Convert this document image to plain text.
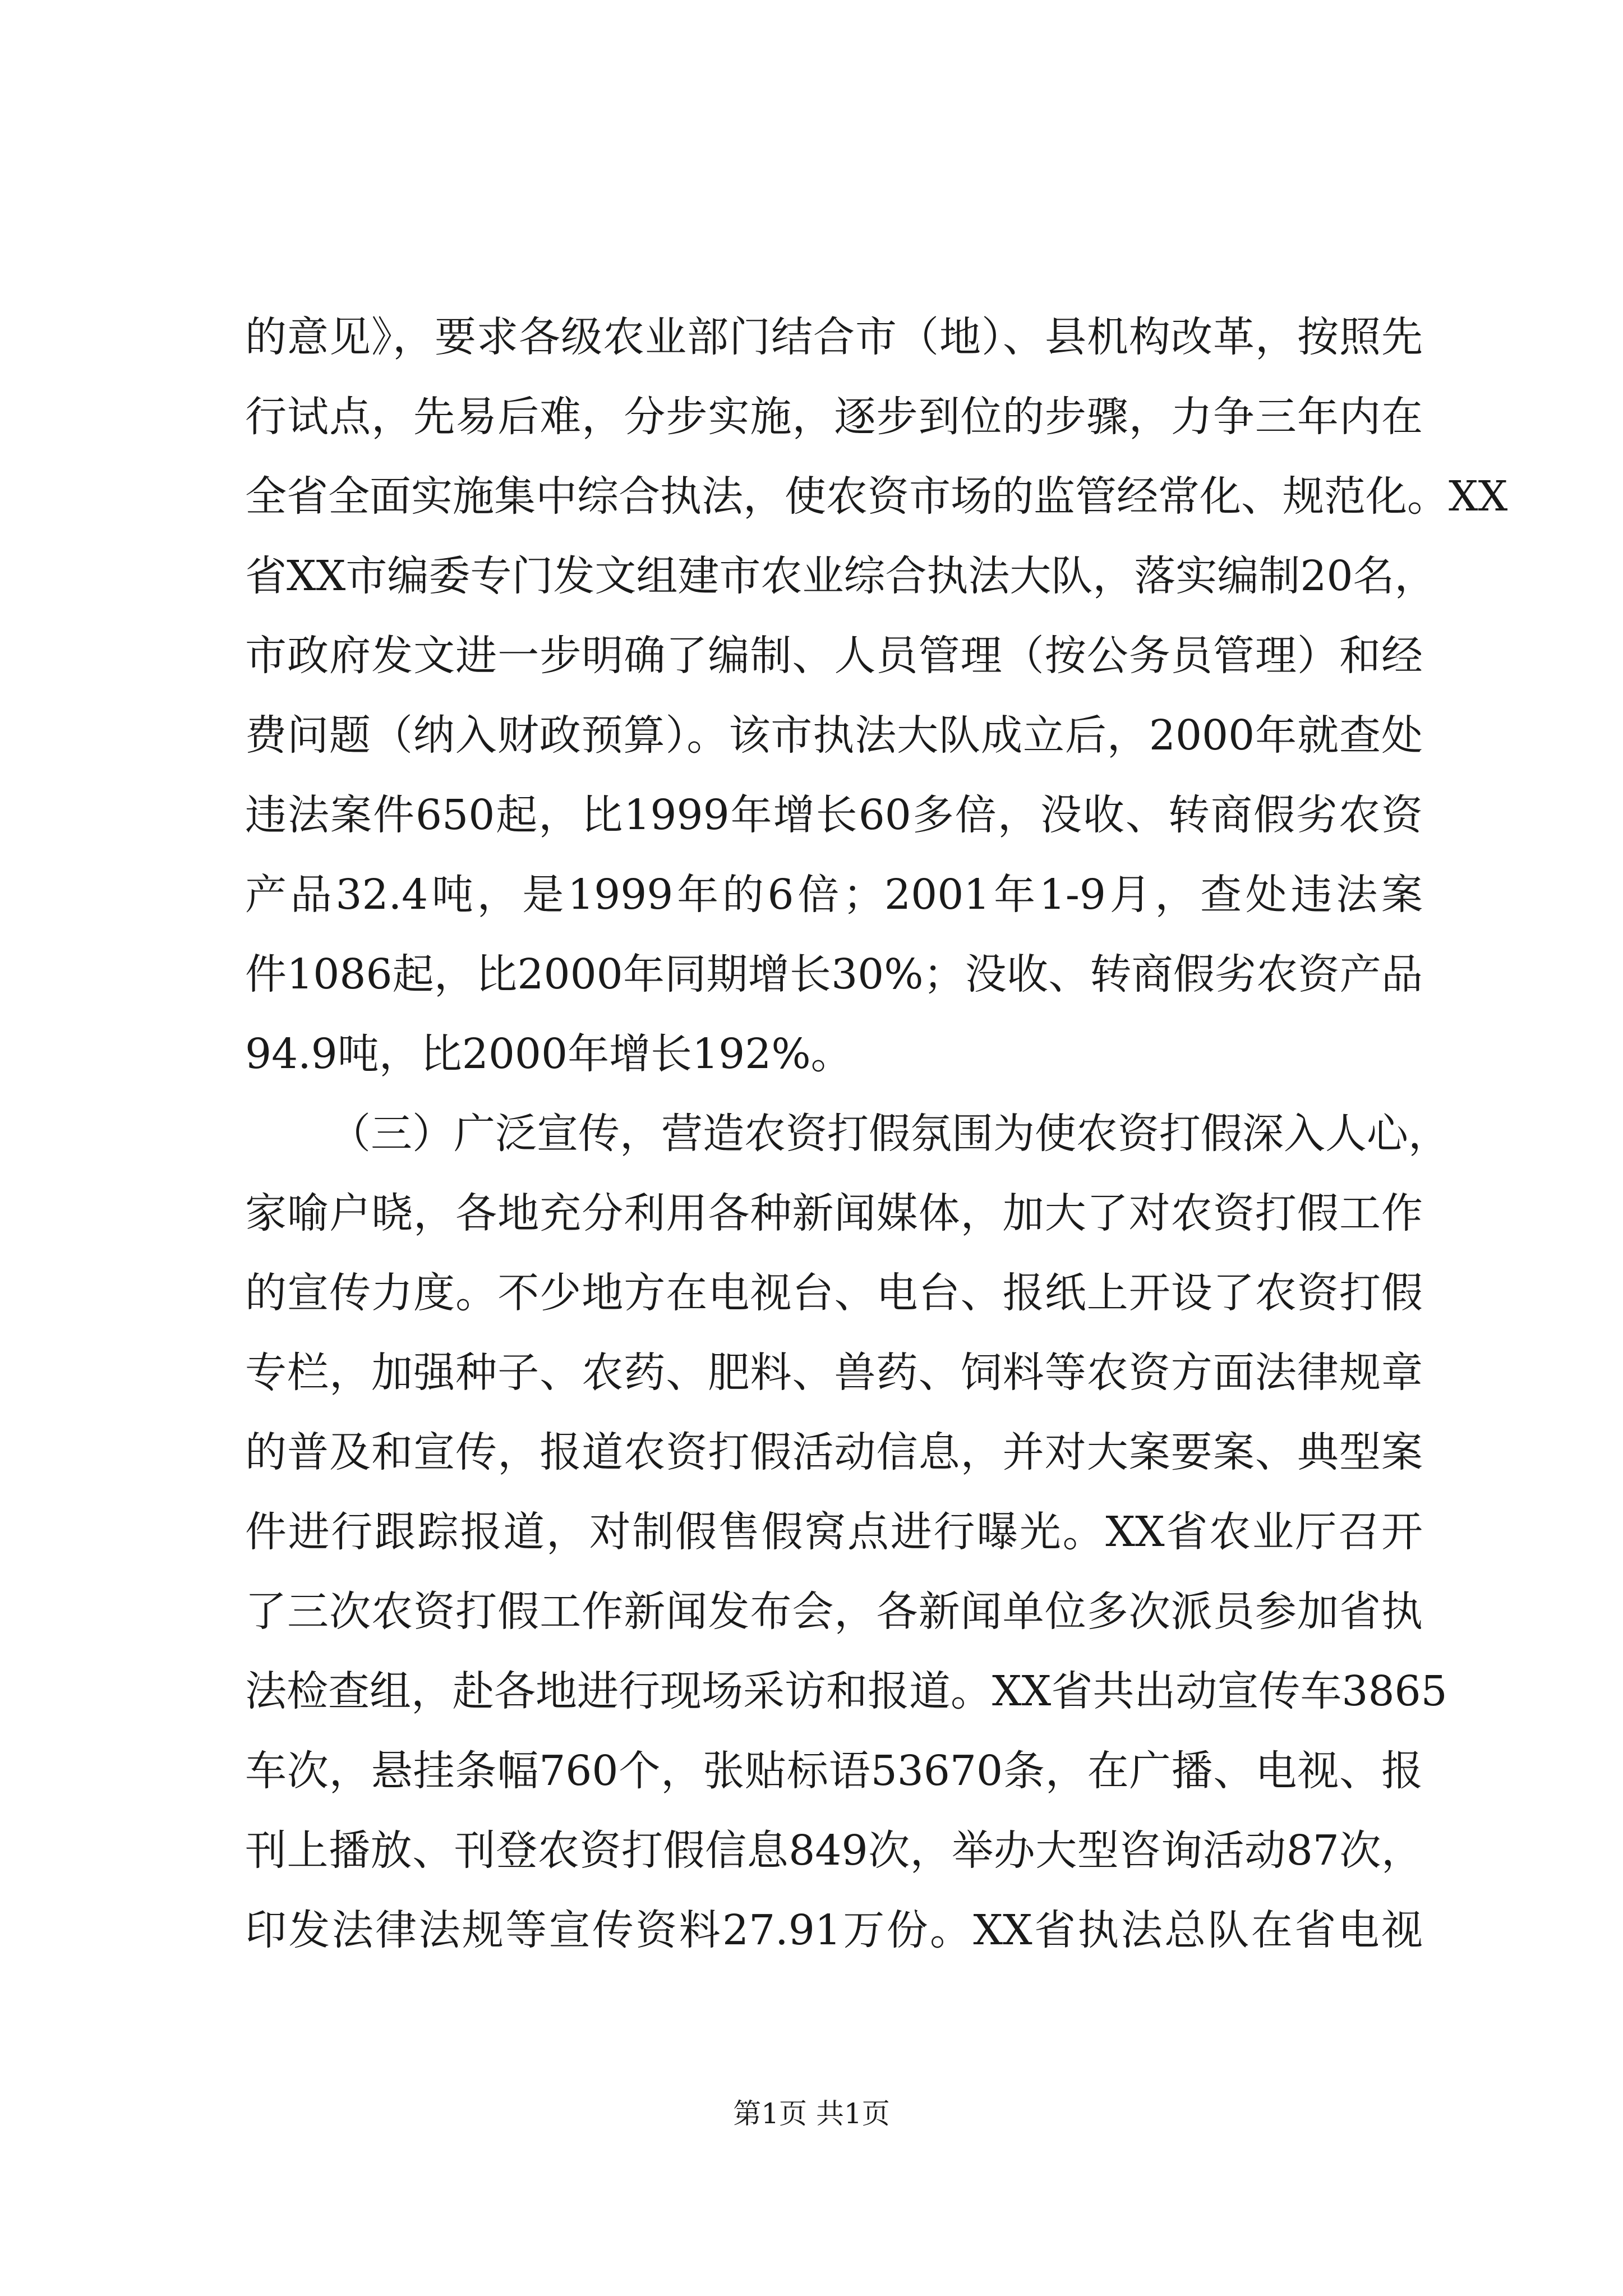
的意见》，要求各级农业部门结合市（地）、县机构改革，按照先
行试点，先易后难，分步实施，逐步到位的步骤，力争三年内在
全省全面实施集中综合执法，使农资市场的监管经常化、规范化。XX
省XX市编委专门发文组建市农业综合执法大队，落实编制20名，
市政府发文进一步明确了编制、人员管理（按公务员管理）和经
费问题（纳入财政预算）。该市执法大队成立后，2000年就查处
违法案件650起，比1999年增长60多倍，没收、转商假劣农资
产品32.4吨，是1999年的6倍；2001年1-9月，查处违法案
件1086起，比2000年同期增长30%；没收、转商假劣农资产品
94.9吨，比2000年增长192%。
（三）广泛宣传，营造农资打假氛围为使农资打假深入人心，
家喻户晓，各地充分利用各种新闻媒体，加大了对农资打假工作
的宣传力度。不少地方在电视台、电台、报纸上开设了农资打假
专栏，加强种子、农药、肥料、兽药、饲料等农资方面法律规章
的普及和宣传，报道农资打假活动信息，并对大案要案、典型案
件进行跟踪报道，对制假售假窝点进行曝光。XX省农业厅召开
了三次农资打假工作新闻发布会，各新闻单位多次派员参加省执
法检查组，赴各地进行现场采访和报道。XX省共出动宣传车3865
车次，悬挂条幅760个，张贴标语53670条，在广播、电视、报
刊上播放、刊登农资打假信息849次，举办大型咨询活动87次，
印发法律法规等宣传资料27.91万份。XX省执法总队在省电视
第1页 共1页
